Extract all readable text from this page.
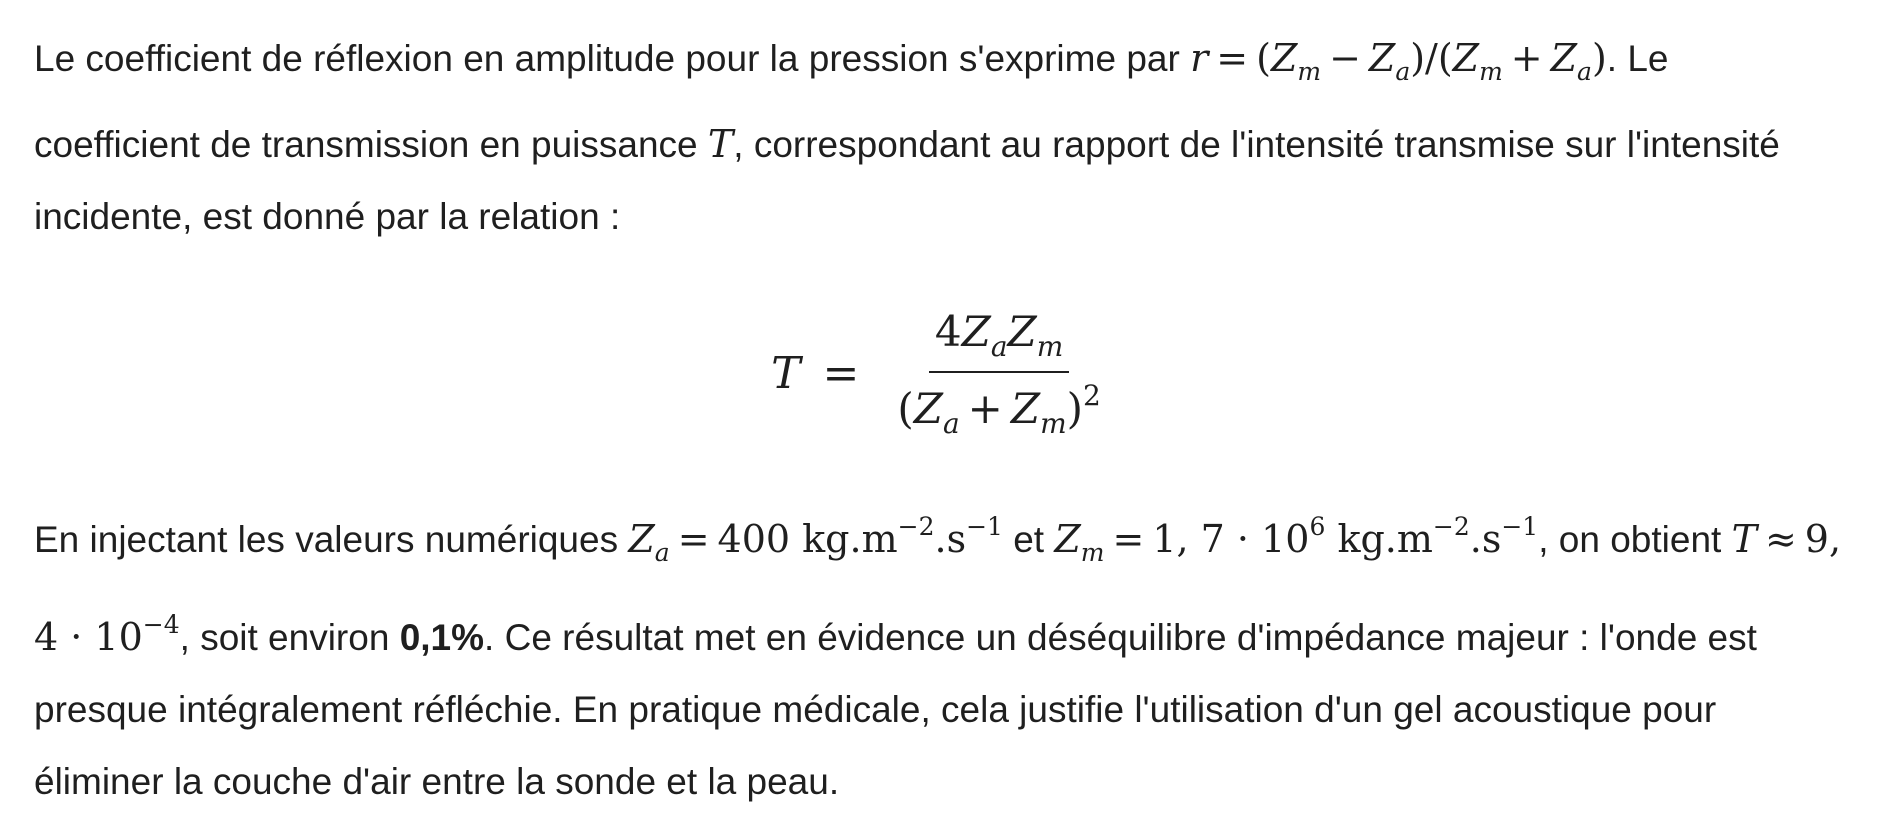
Le coefficient de réflexion en amplitude pour la pression s'exprime par $r = (Z_m - Z_a)/(Z_m + Z_a)$. Le coefficient de transmission en puissance T, correspondant au rapport de l'intensité transmise sur l'intensité incidente, est donné par la relation :

$T = \frac{4Z_aZ_m}{(Z_a + Z_m)^2}$

En injectant les valeurs numériques $Z_a = 400$ $kg.m^{-2}.s^{-1}$ et $Z_m = 1$, $7 \cdot 10^6$ $kg.m^{-2}.s^{-1}$, on obtient T ≈ 9, $4 \cdot 10^{-4}$, soit environ 0,1%. Ce résultat met en évidence un déséquilibre d'impédance majeur : l'onde est presque intégralement réfléchie. En pratique médicale, cela justifie l'utilisation d'un gel acoustique pour éliminer la couche d'air entre la sonde et la peau.
